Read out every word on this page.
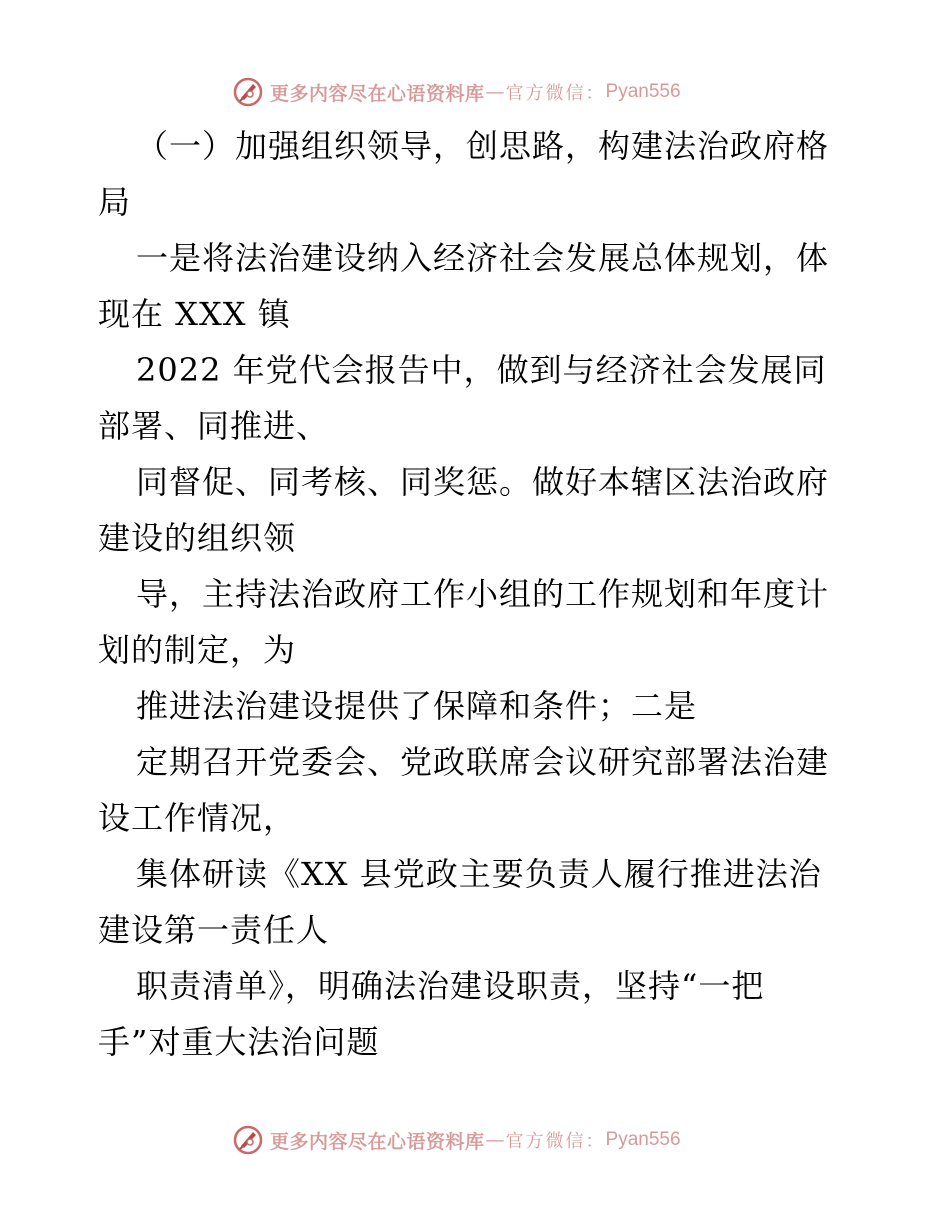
更多内容尽在心语资料库 — 官方微信： Pyan556
（一）加强组织领导，创思路，构建法治政府格
局
一是将法治建设纳入经济社会发展总体规划，体
现在 XXX 镇
2022 年党代会报告中，做到与经济社会发展同
部署、同推进、
同督促、同考核、同奖惩。做好本辖区法治政府
建设的组织领
导，主持法治政府工作小组的工作规划和年度计
划的制定，为
推进法治建设提供了保障和条件；二是
定期召开党委会、党政联席会议研究部署法治建
设工作情况，
集体研读《XX 县党政主要负责人履行推进法治
建设第一责任人
职责清单》，明确法治建设职责，坚持“一把
手”对重大法治问题
更多内容尽在心语资料库 — 官方微信： Pyan556
